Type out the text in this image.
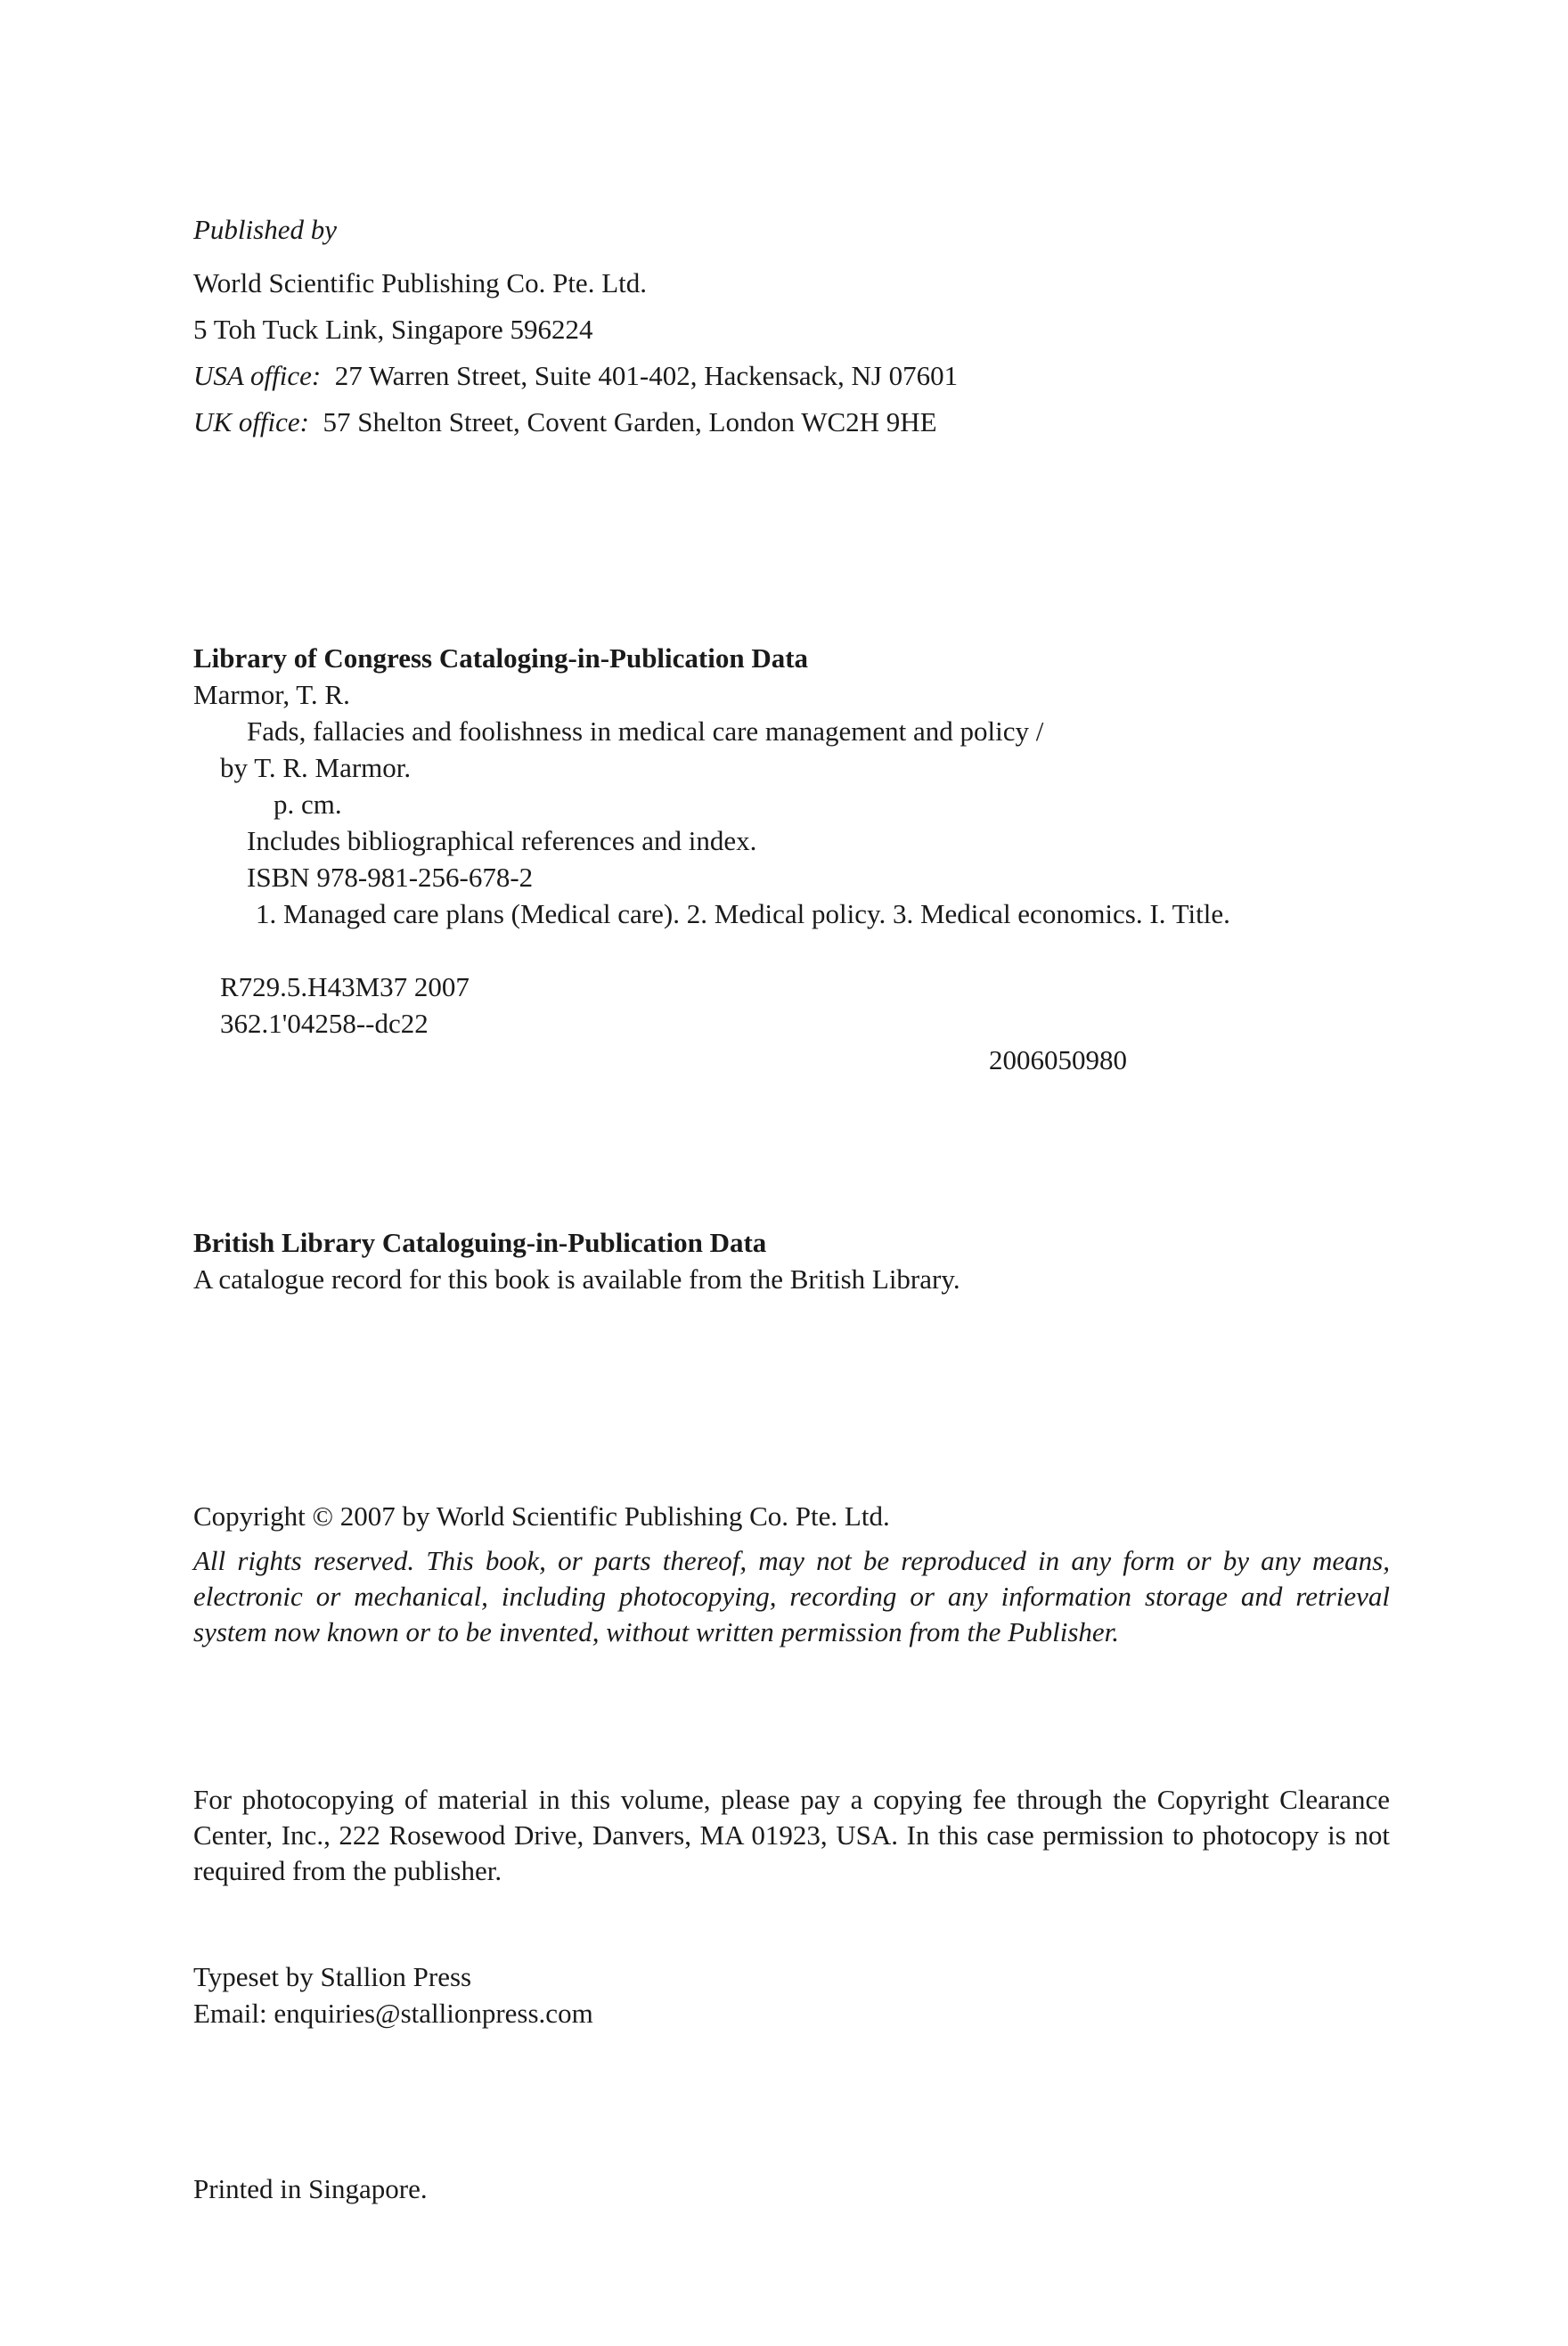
Published by
World Scientific Publishing Co. Pte. Ltd.
5 Toh Tuck Link, Singapore 596224
USA office: 27 Warren Street, Suite 401-402, Hackensack, NJ 07601
UK office: 57 Shelton Street, Covent Garden, London WC2H 9HE
Library of Congress Cataloging-in-Publication Data
Marmor, T. R.
Fads, fallacies and foolishness in medical care management and policy /
by T. R. Marmor.
p. cm.
Includes bibliographical references and index.
ISBN 978-981-256-678-2
1. Managed care plans (Medical care). 2. Medical policy. 3. Medical economics. I. Title.
R729.5.H43M37 2007
362.1'04258--dc22
2006050980
British Library Cataloguing-in-Publication Data
A catalogue record for this book is available from the British Library.
Copyright © 2007 by World Scientific Publishing Co. Pte. Ltd.
All rights reserved. This book, or parts thereof, may not be reproduced in any form or by any means, electronic or mechanical, including photocopying, recording or any information storage and retrieval system now known or to be invented, without written permission from the Publisher.
For photocopying of material in this volume, please pay a copying fee through the Copyright Clearance Center, Inc., 222 Rosewood Drive, Danvers, MA 01923, USA. In this case permission to photocopy is not required from the publisher.
Typeset by Stallion Press
Email: enquiries@stallionpress.com
Printed in Singapore.
